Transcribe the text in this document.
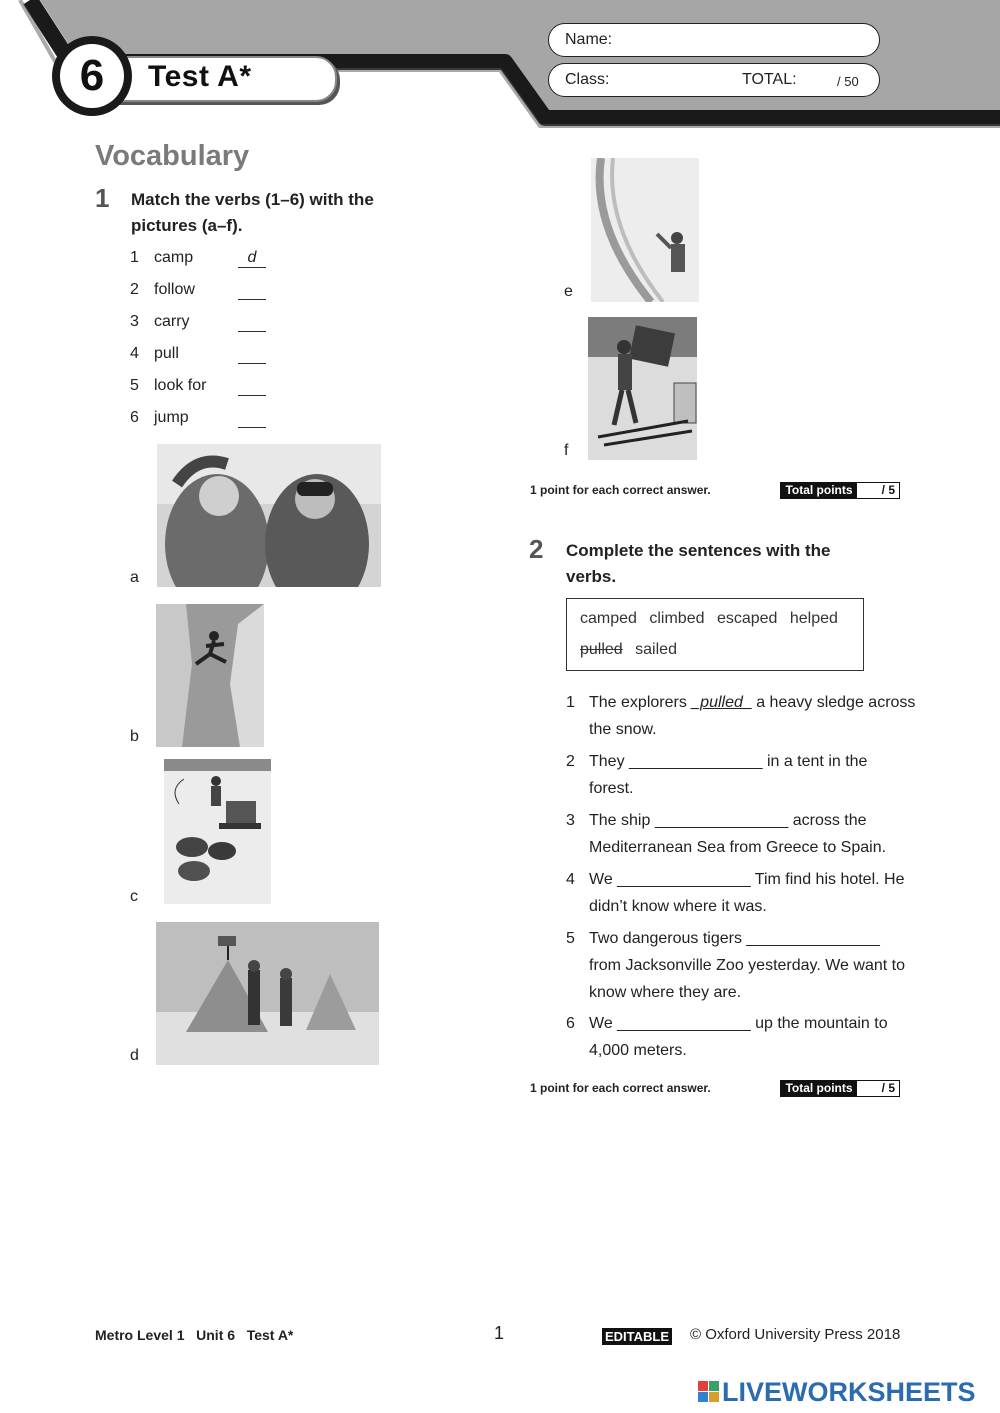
6	Test A*
Name:
Class:	TOTAL:	/ 50
Vocabulary
1 Match the verbs (1–6) with the
pictures (a–f).
1 camp	d
2 follow
3 carry
4 pull
5 look for
6 jump
a
b
c
d
e
f
1 point for each correct answer.	Total points	/ 5
2 Complete the sentences with the
verbs.
camped climbed escaped helped
pulled sailed
1 The explorers _pulled_ a heavy sledge across the snow.
2 They _______________ in a tent in the forest.
3 The ship _______________ across the Mediterranean Sea from Greece to Spain.
4 We _______________ Tim find his hotel. He didn’t know where it was.
5 Two dangerous tigers _______________ from Jacksonville Zoo yesterday. We want to know where they are.
6 We _______________ up the mountain to 4,000 meters.
1 point for each correct answer.	Total points	/ 5
Metro Level 1   Unit 6   Test A*	1	EDITABLE © Oxford University Press 2018
LIVEWORKSHEETS
